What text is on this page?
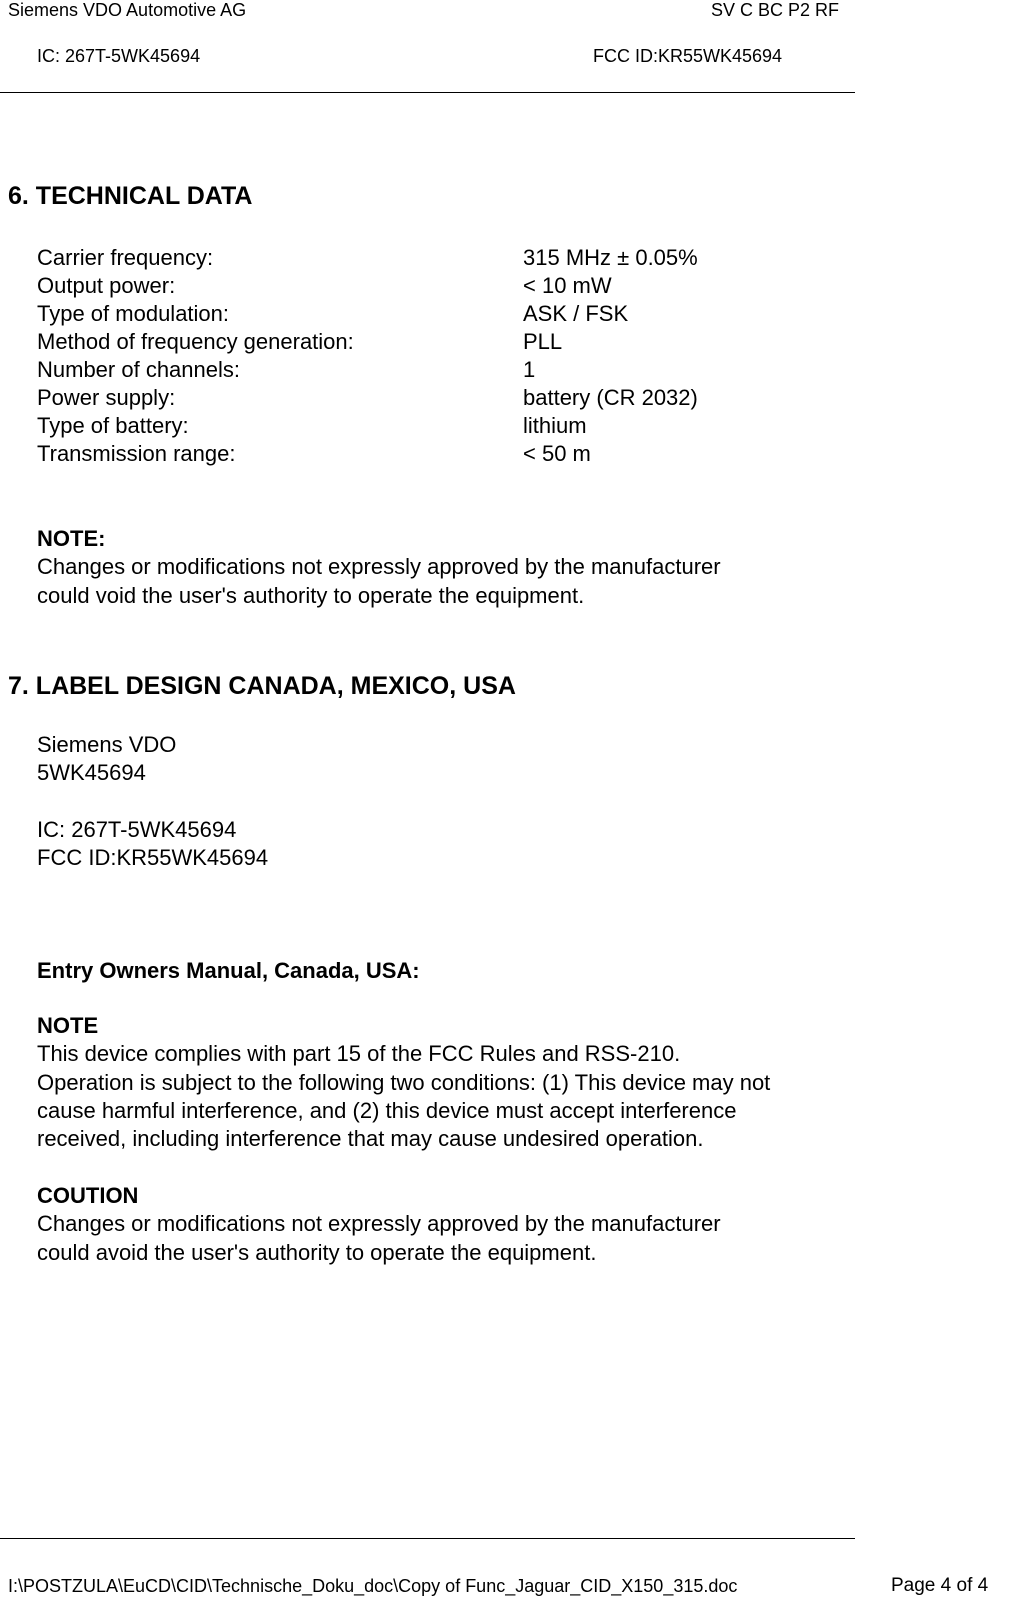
Siemens VDO Automotive AG	SV C BC P2 RF
IC: 267T-5WK45694	FCC ID:KR55WK45694
6. TECHNICAL DATA
Carrier frequency:	315 MHz ± 0.05%
Output power:	< 10 mW
Type of modulation:	ASK / FSK
Method of frequency generation:	PLL
Number of channels:	1
Power supply:	battery (CR 2032)
Type of battery:	lithium
Transmission range:	< 50 m
NOTE:
Changes or modifications not expressly approved by the manufacturer
could void the user's authority to operate the equipment.
7. LABEL DESIGN CANADA, MEXICO, USA
Siemens VDO
5WK45694
IC: 267T-5WK45694
FCC ID:KR55WK45694
Entry Owners Manual, Canada, USA:
NOTE
This device complies with part 15 of the FCC Rules and RSS-210.
Operation is subject to the following two conditions: (1) This device may not
cause harmful interference, and (2) this device must accept interference
received, including interference that may cause undesired operation.
COUTION
Changes or modifications not expressly approved by the manufacturer
could avoid the user's authority to operate the equipment.
I:\POSTZULA\EuCD\CID\Technische_Doku_doc\Copy of Func_Jaguar_CID_X150_315.doc	Page 4 of 4
